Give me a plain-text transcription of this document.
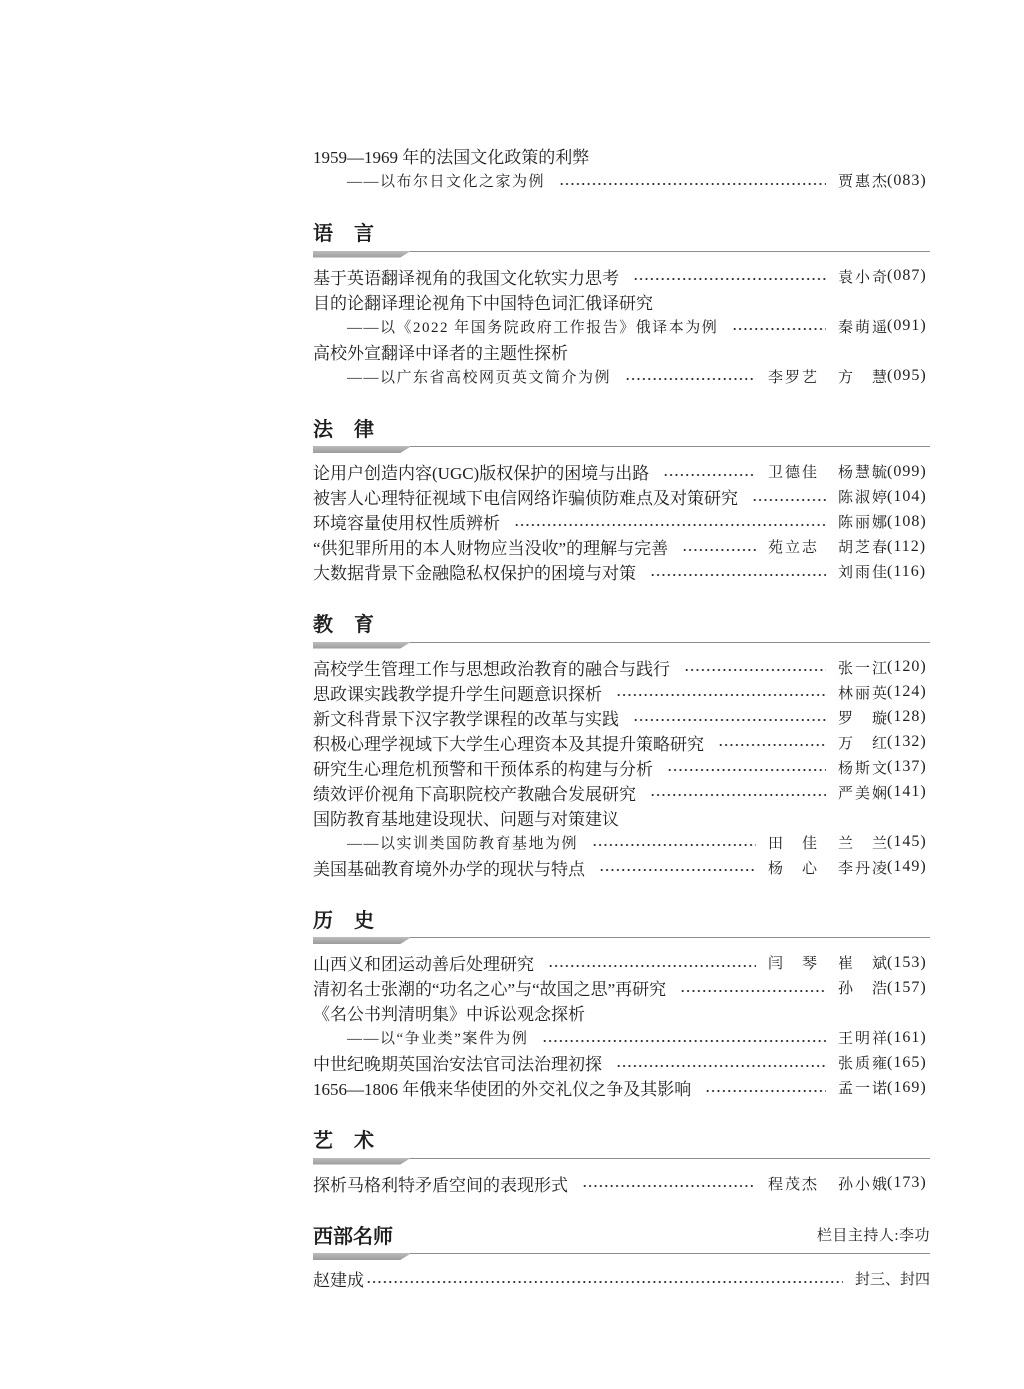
1959—1969 年的法国文化政策的利弊
——以布尔日文化之家为例	贾惠杰 (083)
语 言
基于英语翻译视角的我国文化软实力思考	袁小奇 (087)
目的论翻译理论视角下中国特色词汇俄译研究
——以《2022 年国务院政府工作报告》俄译本为例	秦萌遥 (091)
高校外宣翻译中译者的主题性探析
——以广东省高校网页英文简介为例	李罗艺 方 慧 (095)
法 律
论用户创造内容(UGC)版权保护的困境与出路	卫德佳 杨慧毓 (099)
被害人心理特征视域下电信网络诈骗侦防难点及对策研究	陈淑婷 (104)
环境容量使用权性质辨析	陈丽娜 (108)
“供犯罪所用的本人财物应当没收”的理解与完善	苑立志 胡芝春 (112)
大数据背景下金融隐私权保护的困境与对策	刘雨佳 (116)
教 育
高校学生管理工作与思想政治教育的融合与践行	张一江 (120)
思政课实践教学提升学生问题意识探析	林丽英 (124)
新文科背景下汉字教学课程的改革与实践	罗 璇 (128)
积极心理学视域下大学生心理资本及其提升策略研究	万 红 (132)
研究生心理危机预警和干预体系的构建与分析	杨斯文 (137)
绩效评价视角下高职院校产教融合发展研究	严美娴 (141)
国防教育基地建设现状、问题与对策建议
——以实训类国防教育基地为例	田 佳 兰 兰 (145)
美国基础教育境外办学的现状与特点	杨 心 李丹凌 (149)
历 史
山西义和团运动善后处理研究	闫 琴 崔 斌 (153)
清初名士张潮的“功名之心”与“故国之思”再研究	孙 浩 (157)
《名公书判清明集》中诉讼观念探析
——以“争业类”案件为例	王明祥 (161)
中世纪晚期英国治安法官司法治理初探	张质雍 (165)
1656—1806 年俄来华使团的外交礼仪之争及其影响	孟一诺 (169)
艺 术
探析马格利特矛盾空间的表现形式	程茂杰 孙小娥 (173)
西部名师	栏目主持人:李功
赵建成	封三、封四
